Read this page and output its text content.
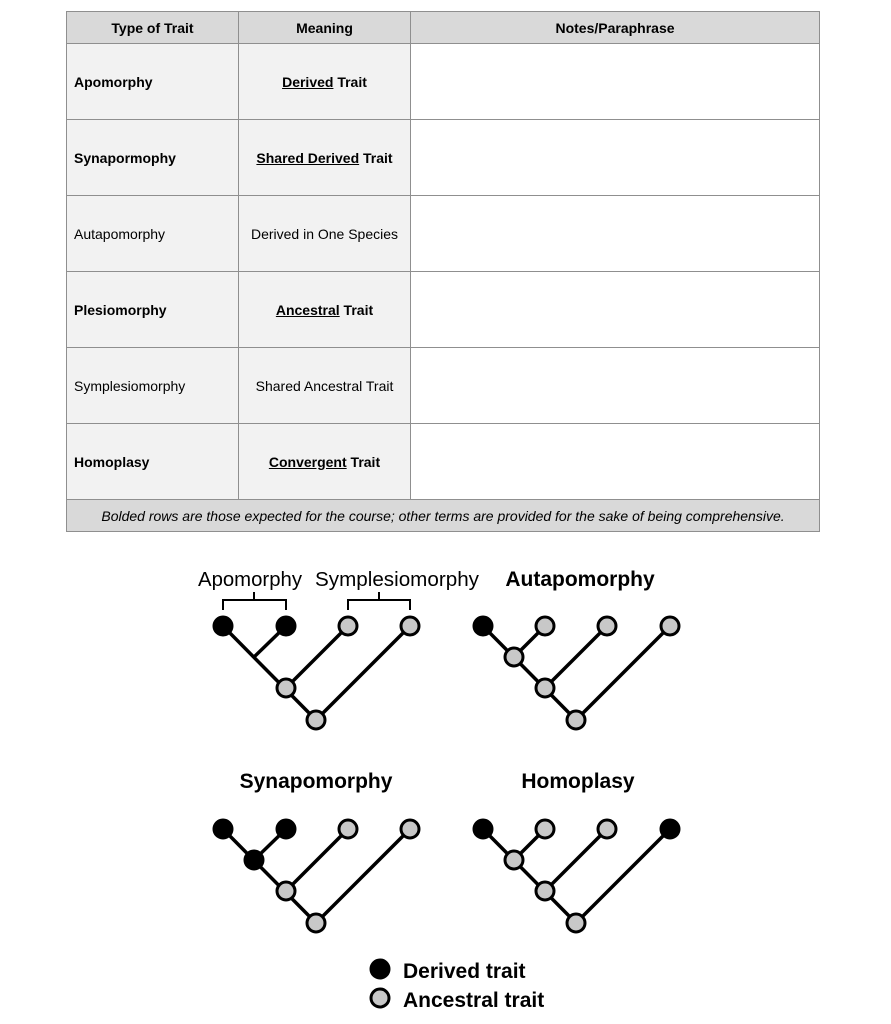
Type of Trait	Meaning	Notes/Paraphrase
Apomorphy	Derived Trait	
Synapormophy	Shared Derived Trait	
Autapomorphy	Derived in One Species	
Plesiomorphy	Ancestral Trait	
Symplesiomorphy	Shared Ancestral Trait	
Homoplasy	Convergent Trait	
Bolded rows are those expected for the course; other terms are provided for the sake of being comprehensive.		
Apomorphy Symplesiomorphy Autapomorphy
Synapomorphy	Homoplasy
Derived trait
Ancestral trait
